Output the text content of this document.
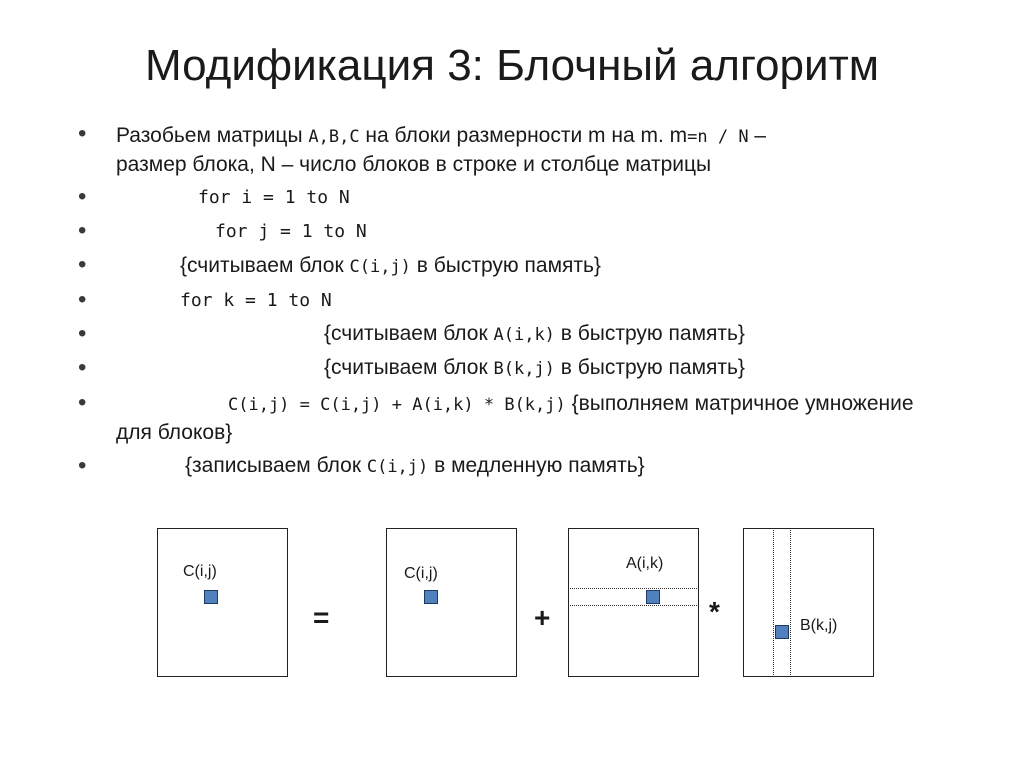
Модификация 3: Блочный алгоритм
• Разобьем матрицы A,B,C на блоки размерности m на m. m=n / N –
размер блока, N – число блоков в строке и столбце матрицы
•	for i = 1 to N
•	for j = 1 to N
•	{считываем блок C(i,j) в быструю память}
•	for k = 1 to N
•	{считываем блок A(i,k) в быструю память}
•	{считываем блок B(k,j) в быструю память}
•	C(i,j) = C(i,j) + A(i,k) * B(k,j) {выполняем матричное умножение
для блоков}
•	{записываем блок C(i,j) в медленную память}
C(i,j)
=
C(i,j)
+
A(i,k)
*	B(k,j)
